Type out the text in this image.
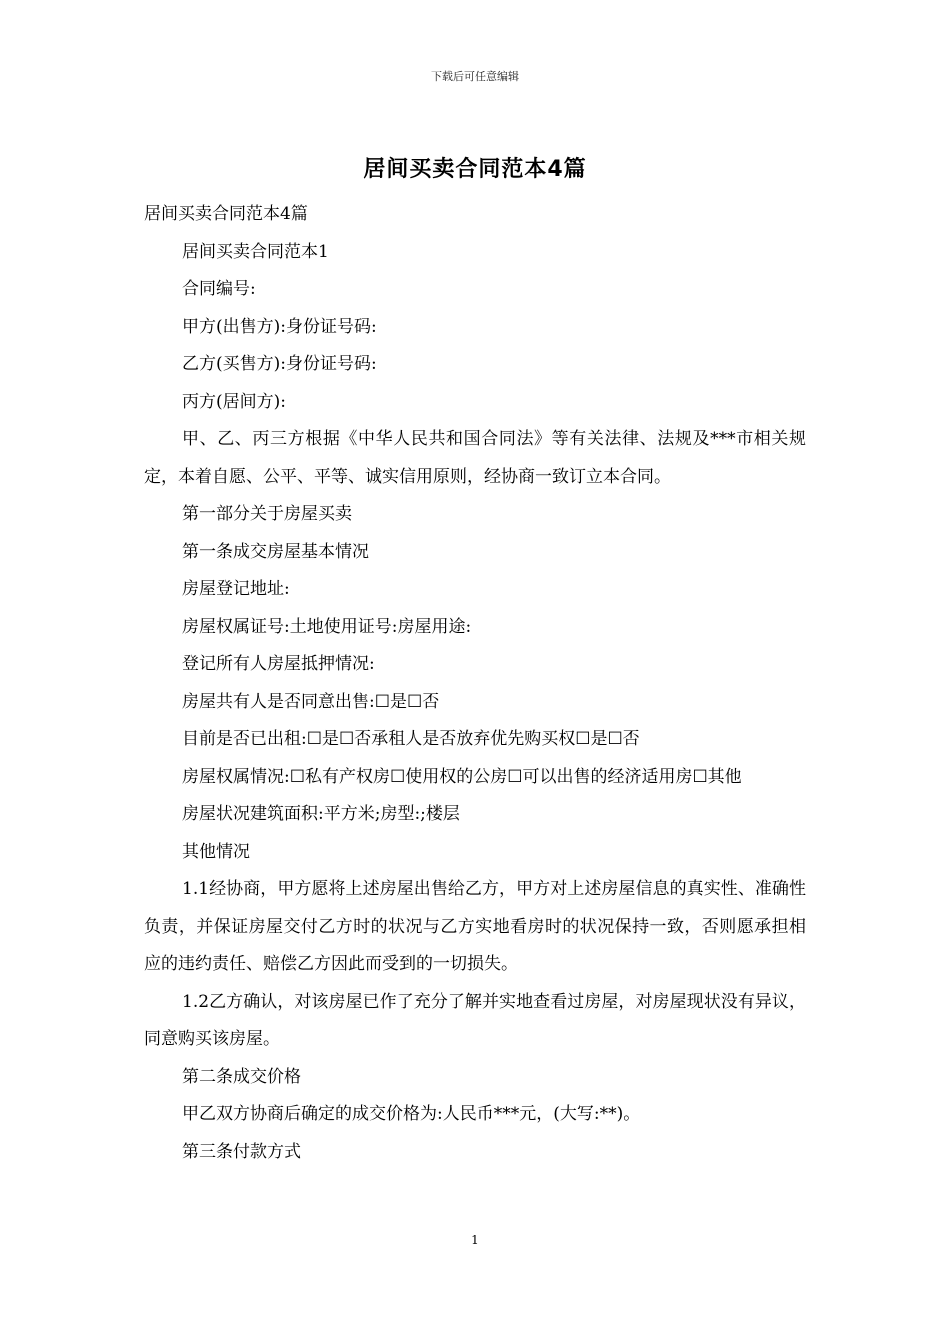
下载后可任意编辑
居间买卖合同范本4篇

居间买卖合同范本4篇

居间买卖合同范本1

合同编号:

甲方(出售方):身份证号码:

乙方(买售方):身份证号码:

丙方(居间方):

甲、乙、丙三方根据《中华人民共和国合同法》等有关法律、法规及***市相关规定，本着自愿、公平、平等、诚实信用原则，经协商一致订立本合同。

第一部分关于房屋买卖

第一条成交房屋基本情况

房屋登记地址:

房屋权属证号:土地使用证号:房屋用途:

登记所有人房屋抵押情况:

房屋共有人是否同意出售:☐是☐否

目前是否已出租:☐是☐否承租人是否放弃优先购买权☐是☐否

房屋权属情况:☐私有产权房☐使用权的公房☐可以出售的经济适用房☐其他

房屋状况建筑面积:平方米;房型:;楼层

其他情况

1.1经协商，甲方愿将上述房屋出售给乙方，甲方对上述房屋信息的真实性、准确性负责，并保证房屋交付乙方时的状况与乙方实地看房时的状况保持一致，否则愿承担相应的违约责任、赔偿乙方因此而受到的一切损失。

1.2乙方确认，对该房屋已作了充分了解并实地查看过房屋，对房屋现状没有异议，同意购买该房屋。

第二条成交价格

甲乙双方协商后确定的成交价格为:人民币***元，(大写:**)。

第三条付款方式

1
